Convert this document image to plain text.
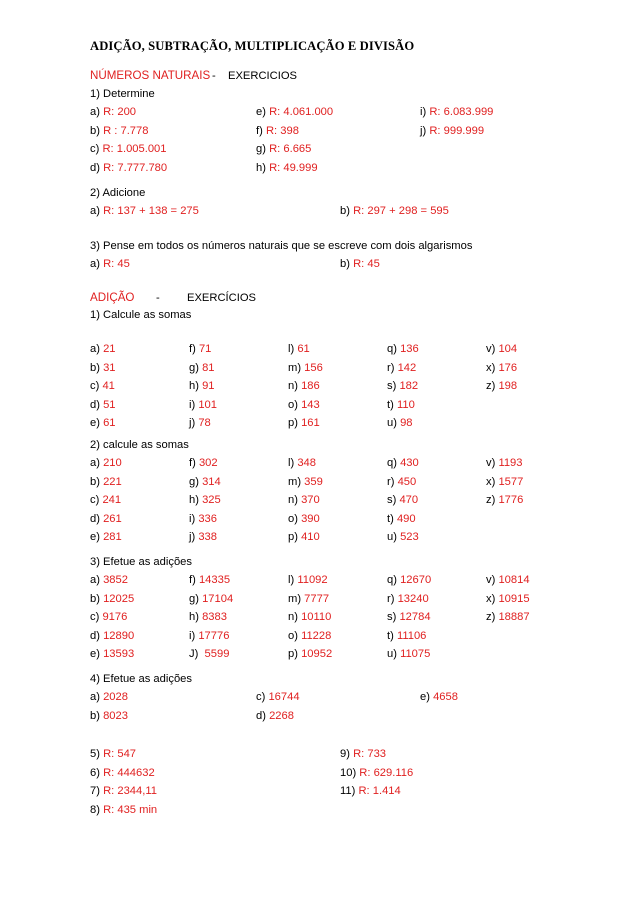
ADIÇÃO, SUBTRAÇÃO, MULTIPLICAÇÃO E DIVISÃO
NÚMEROS NATURAIS - EXERCICIOS
1) Determine
a) R: 200	e) R: 4.061.000	i) R: 6.083.999
b) R : 7.778	f) R: 398	j) R: 999.999
c) R: 1.005.001	g) R: 6.665
d) R: 7.777.780	h) R: 49.999
2) Adicione
a) R: 137 + 138 = 275	b) R: 297 + 298 = 595
3) Pense em todos os números naturais que se escreve com dois algarismos
a) R: 45	b) R: 45
1) Calcule as somas
a) 21	f) 71	l) 61	q) 136	v) 104
b) 31	g) 81	m) 156	r) 142	x) 176
c) 41	h) 91	n) 186	s) 182	z) 198
d) 51	i) 101	o) 143	t) 110
e) 61	j) 78	p) 161	u) 98
2) calcule as somas
a) 210	f) 302	l) 348	q) 430	v) 1193
b) 221	g) 314	m) 359	r) 450	x) 1577
c) 241	h) 325	n) 370	s) 470	z) 1776
d) 261	i) 336	o) 390	t) 490
e) 281	j) 338	p) 410	u) 523
3) Efetue as adições
a) 3852	f) 14335	l) 11092	q) 12670	v) 10814
b) 12025	g) 17104	m) 7777	r) 13240	x) 10915
c) 9176	h) 8383	n) 10110	s) 12784	z) 18887
d) 12890	i) 17776	o) 11228	t) 11106
e) 13593	J)  5599	p) 10952	u) 11075
4) Efetue as adições
a) 2028	c) 16744	e) 4658
b) 8023	d) 2268
5) R: 547	9) R: 733
6) R: 444632	10) R: 629.116
7) R: 2344,11	11) R: 1.414
8) R: 435 min
ADIÇÃO - EXERCÍCIOS
